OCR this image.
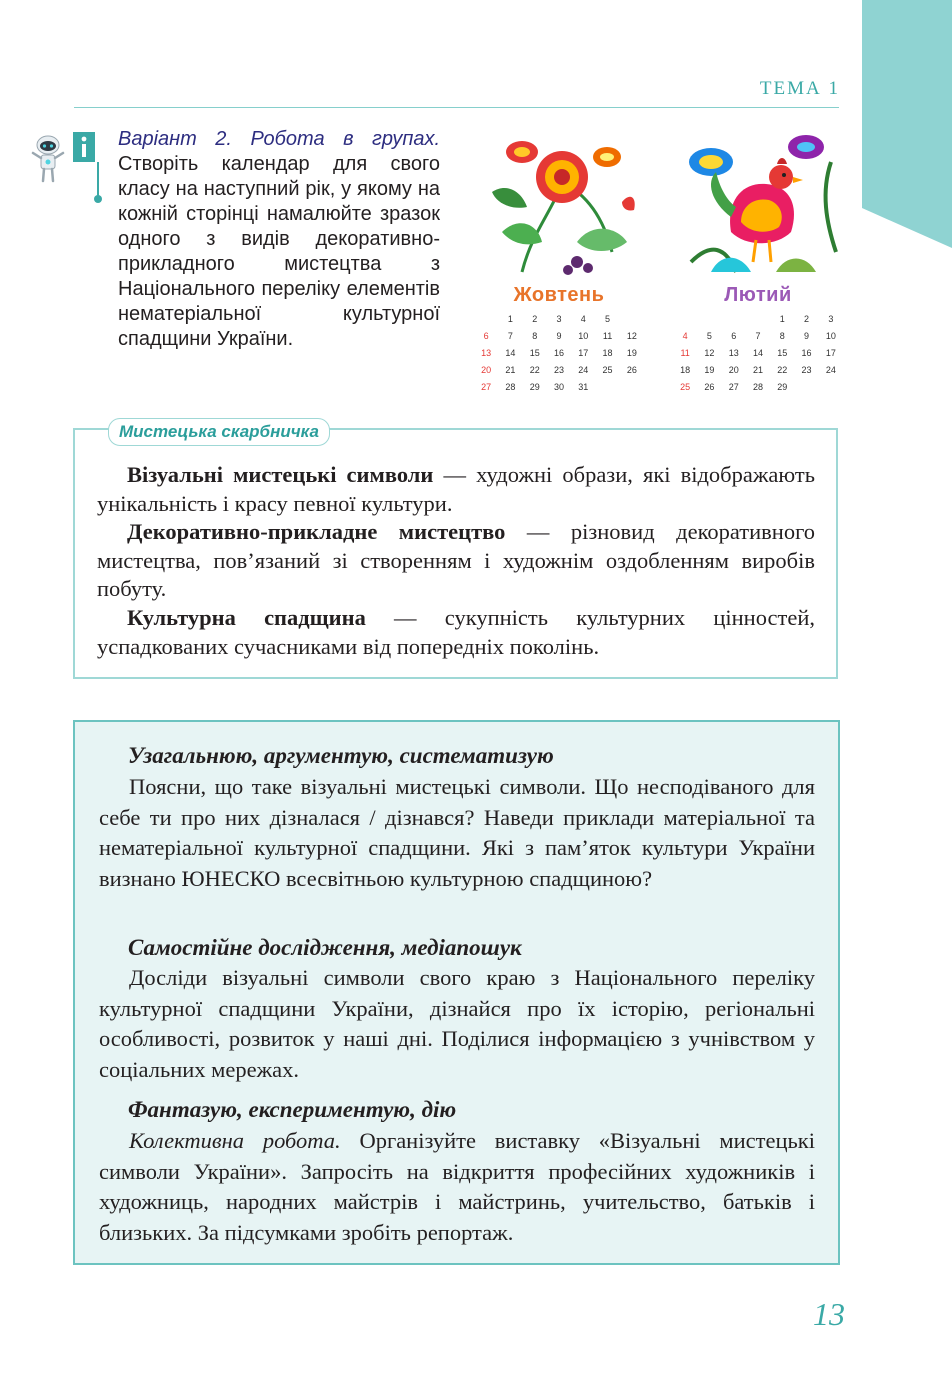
ТЕМА 1
Варіант 2. Робота в групах. Створіть календар для свого класу на наступний рік, у якому на кожній сторінці намалюйте зразок одного з видів декоративно-прикладного мистецтва з Національного переліку елементів нематеріальної культурної спадщини України.
Жовтень
	1	2	3	4	5	
6	7	8	9	10	11	12
13	14	15	16	17	18	19
20	21	22	23	24	25	26
27	28	29	30	31		
Лютий
				1	2	3
4	5	6	7	8	9	10
11	12	13	14	15	16	17
18	19	20	21	22	23	24
25	26	27	28	29		
Мистецька скарбничка

Візуальні мистецькі символи — художні образи, які відображають унікальність і красу певної культури.

Декоративно-прикладне мистецтво — різновид декоративного мистецтва, пов’язаний зі створенням і художнім оздобленням виробів побуту.

Культурна спадщина — сукупність культурних цінностей, успадкованих сучасниками від попередніх поколінь.

Узагальнюю, аргументую, систематизую

Поясни, що таке візуальні мистецькі символи. Що несподіваного для себе ти про них дізналася / дізнався? Наведи приклади матеріальної та нематеріальної культурної спадщини. Які з пам’яток культури України визнано ЮНЕСКО всесвітньою культурною спадщиною?

Самостійне дослідження, медіапошук

Досліди візуальні символи свого краю з Національного переліку культурної спадщини України, дізнайся про їх історію, регіональні особливості, розвиток у наші дні. Поділися інформацією з учнівством у соціальних мережах.

Фантазую, експериментую, дію

Колективна робота. Організуйте виставку «Візуальні мистецькі символи України». Запросіть на відкриття професійних художників і художниць, народних майстрів і майстринь, учительство, батьків і близьких. За підсумками зробіть репортаж.

13
